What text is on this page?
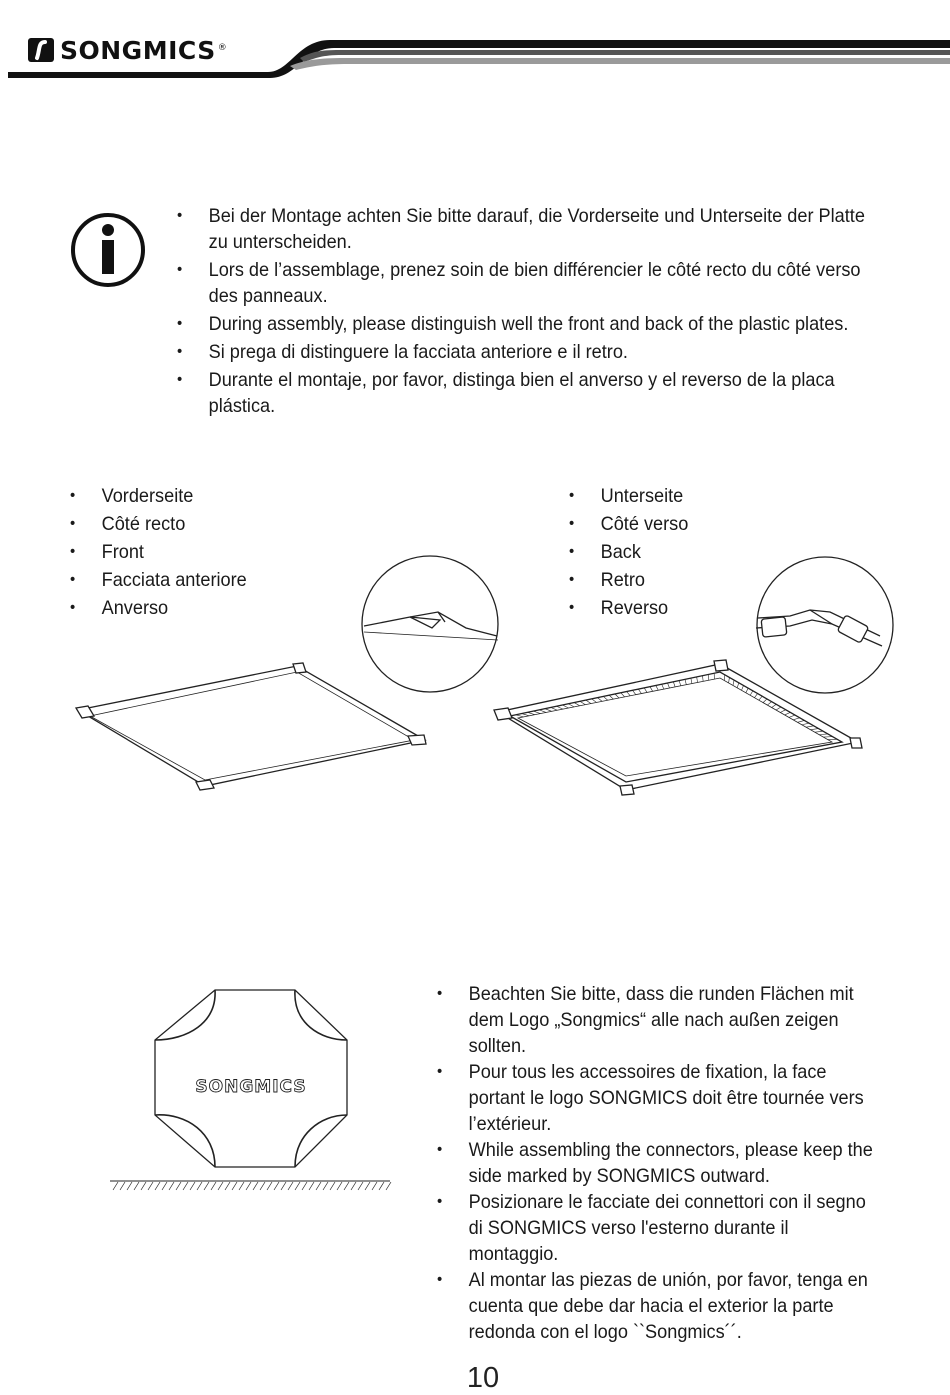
SONGMICS ®
• Bei der Montage achten Sie bitte darauf, die Vorderseite und Unterseite der Platte zu unterscheiden.
• Lors de l’assemblage, prenez soin de bien différencier le côté recto du côté verso des panneaux.
• During assembly, please distinguish well the front and back of the plastic plates.
• Si prega di distinguere la facciata anteriore e il retro.
• Durante el montaje, por favor, distinga bien el anverso y el reverso de la placa plástica.
• Vorderseite
• Côté recto
• Front
• Facciata anteriore
• Anverso
• Unterseite
• Côté verso
• Back
• Retro
• Reverso
SONGMICS
• Beachten Sie bitte, dass die runden Flächen mit dem Logo „Songmics“ alle nach außen zeigen sollten.
• Pour tous les accessoires de fixation, la face portant le logo SONGMICS doit être tournée vers l’extérieur.
• While assembling the connectors, please keep the side marked by SONGMICS outward.
• Posizionare le facciate dei connettori con il segno di SONGMICS verso l'esterno durante il montaggio.
• Al montar las piezas de unión, por favor, tenga en cuenta que debe dar hacia el exterior la parte redonda con el logo ``Songmics´´.
10
